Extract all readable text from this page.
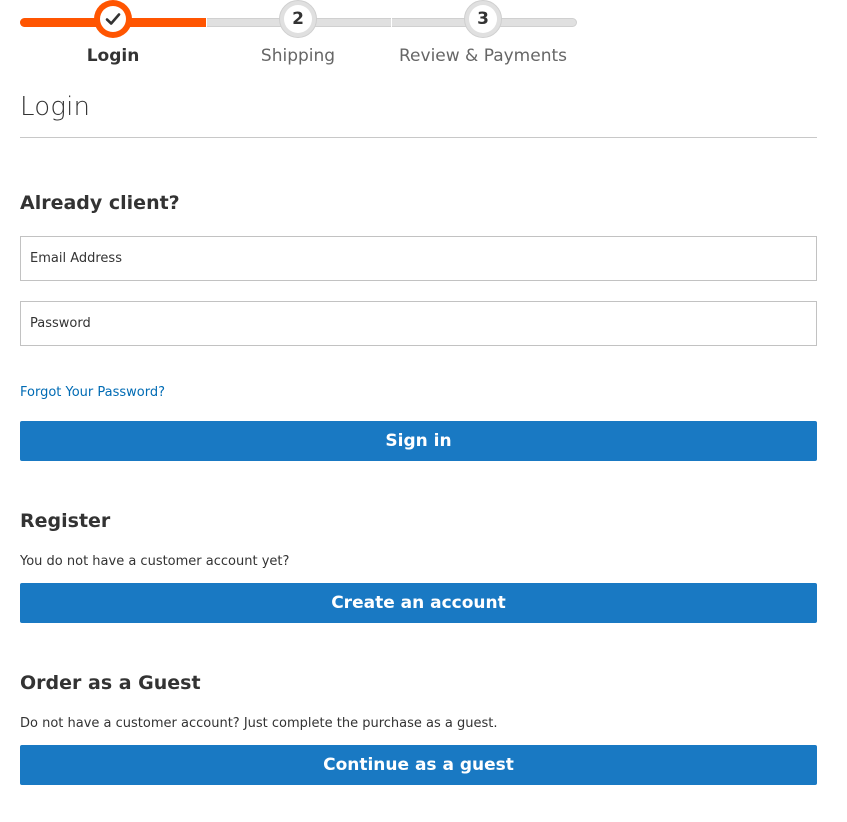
Login
2
Shipping
3
Review & Payments
Login
Already client?
Email Address
Forgot Your Password?
Sign in
Register

You do not have a customer account yet?

Create an account
Order as a Guest

Do not have a customer account? Just complete the purchase as a guest.

Continue as a guest
